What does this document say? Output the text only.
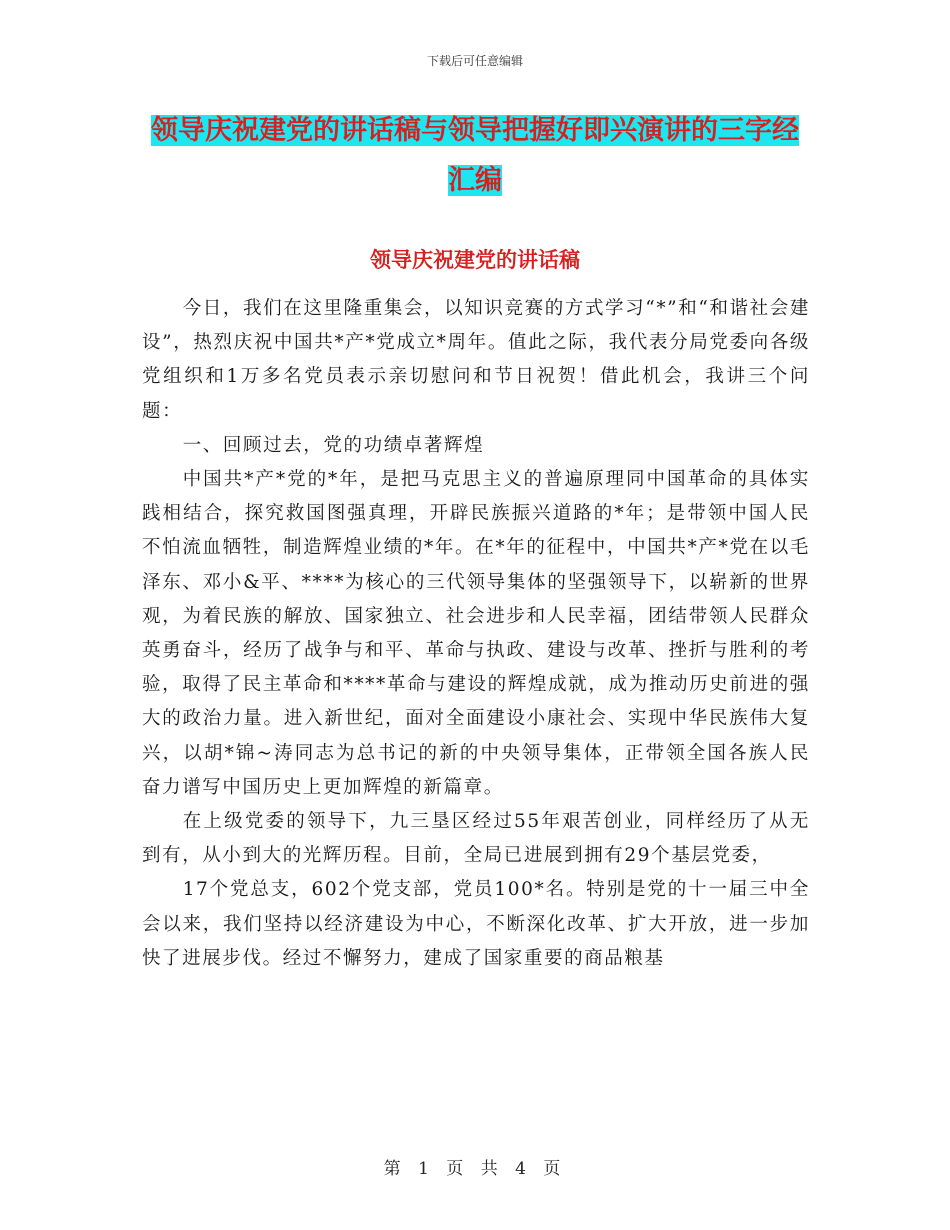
下载后可任意编辑
领导庆祝建党的讲话稿与领导把握好即兴演讲的三字经汇编
领导庆祝建党的讲话稿

今日，我们在这里隆重集会，以知识竞赛的方式学习“*”和“和谐社会建设”，热烈庆祝中国共*产*党成立*周年。值此之际，我代表分局党委向各级党组织和1万多名党员表示亲切慰问和节日祝贺！借此机会，我讲三个问题：

一、回顾过去，党的功绩卓著辉煌

中国共*产*党的*年，是把马克思主义的普遍原理同中国革命的具体实践相结合，探究救国图强真理，开辟民族振兴道路的*年；是带领中国人民不怕流血牺牲，制造辉煌业绩的*年。在*年的征程中，中国共*产*党在以毛泽东、邓小&平、****为核心的三代领导集体的坚强领导下，以崭新的世界观，为着民族的解放、国家独立、社会进步和人民幸福，团结带领人民群众英勇奋斗，经历了战争与和平、革命与执政、建设与改革、挫折与胜利的考验，取得了民主革命和****革命与建设的辉煌成就，成为推动历史前进的强大的政治力量。进入新世纪，面对全面建设小康社会、实现中华民族伟大复兴，以胡*锦~涛同志为总书记的新的中央领导集体，正带领全国各族人民奋力谱写中国历史上更加辉煌的新篇章。

在上级党委的领导下，九三垦区经过55年艰苦创业，同样经历了从无到有，从小到大的光辉历程。目前，全局已进展到拥有29个基层党委，

17个党总支，602个党支部，党员100*名。特别是党的十一届三中全会以来，我们坚持以经济建设为中心，不断深化改革、扩大开放，进一步加快了进展步伐。经过不懈努力，建成了国家重要的商品粮基

第 1 页 共 4 页
